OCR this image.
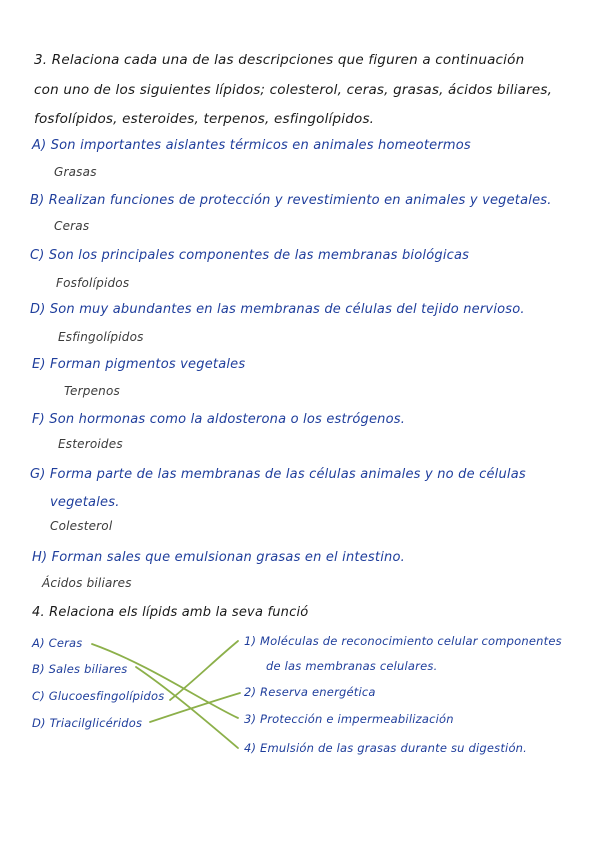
3. Relaciona cada una de las descripciones que figuren a continuación
con uno de los siguientes lípidos; colesterol, ceras, grasas, ácidos biliares,
fosfolípidos, esteroides, terpenos, esfingolípidos.
A) Son importantes aislantes térmicos en animales homeotermos
Grasas
B) Realizan funciones de protección y revestimiento en animales y vegetales.
Ceras
C) Son los principales componentes de las membranas biológicas
Fosfolípidos
D) Son muy abundantes en las membranas de células del tejido nervioso.
Esfingolípidos
E) Forman pigmentos vegetales
Terpenos
F) Son hormonas como la aldosterona o los estrógenos.
Esteroides
G) Forma parte de las membranas de las células animales y no de células
vegetales.
Colesterol
H) Forman sales que emulsionan grasas en el intestino.
Ácidos biliares
4. Relaciona els lípids amb la seva funció
A) Ceras
B) Sales biliares
C) Glucoesfingolípidos
D) Triacilglicéridos
1) Moléculas de reconocimiento celular componentes
de las membranas celulares.
2) Reserva energética
3) Protección e impermeabilización
4) Emulsión de las grasas durante su digestión.
